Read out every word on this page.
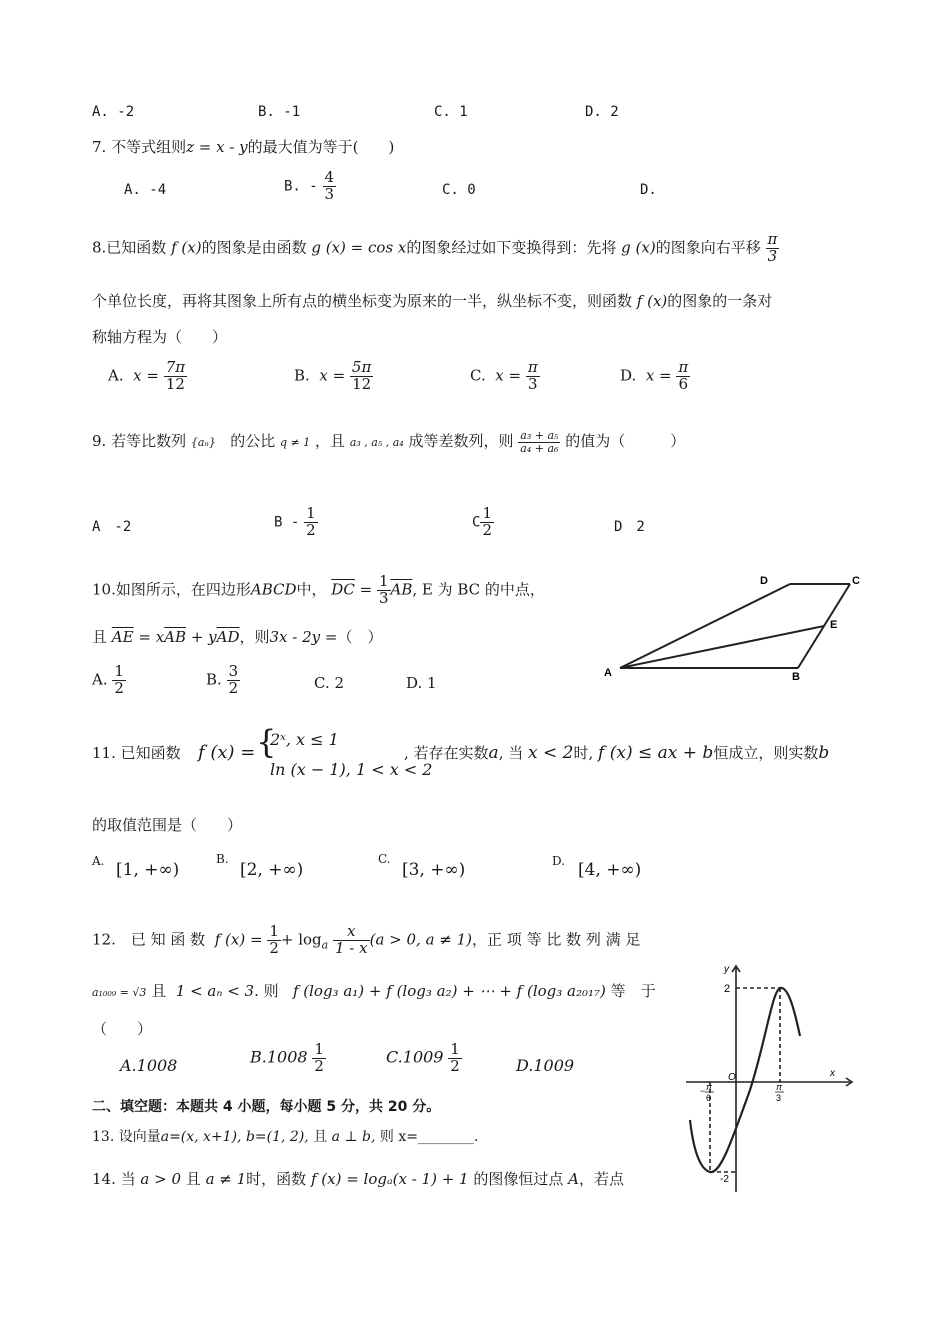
A. -2	B. -1	C. 1	D. 2
7. 不等式组则z = x - y的最大值为等于(　　)
A. -4	B. - $\frac{4}{3}$	C. 0	D.
8.已知函数 f (x)的图象是由函数 g (x) = cos x的图象经过如下变换得到：先将 g (x)的图象向右平移 $\frac{\pi}{3}$
个单位长度，再将其图象上所有点的横坐标变为原来的一半，纵坐标不变，则函数 f (x)的图象的一条对
称轴方程为（　　）
A. $x = \frac{7\pi}{12}$	B. $x = \frac{5\pi}{12}$	C. $x = \frac{\pi}{3}$	D. $x = \frac{\pi}{6}$
9. 若等比数列 {aₙ} 的公比 q ≠ 1 ，且 a₃ , a₅ , a₄ 成等差数列，则 $\frac{\text{a₃ + a₅}}{\text{a₄ + a₆}}$ 的值为（　　　）
A　-2	B - $\frac{1}{2}$	C $\frac{1}{2}$	D　2
10.如图所示，在四边形ABCD中， $\overline{DC} = \frac{1}{3} \overline{AB}$, E 为 BC 的中点，
且 $\overline{AE} = x\overline{AB} + y\overline{AD}$，则3x - 2y =（　）
A. $\frac{1}{2}$	B. $\frac{3}{2}$	C. 2	D. 1
A	B
C
D
E
11. 已知函数 f (x) = {
2ˣ, x ≤ 1
ln (x − 1), 1 < x < 2
, 若存在实数a, 当 x < 2时, f (x) ≤ ax + b恒成立，则实数b
的取值范围是（　　）
A. [1, +∞)
B.
[2, +∞)
C.
[3, +∞)	D. [4, +∞)
12.　已 知 函 数 f $(x) = \frac{1}{2} + \log_a \frac{x}{1 - x} (a > 0$, a ≠ 1)，正 项 等 比 数 列 满 足
a₁₀₀₉ = √3 且 1 < aₙ < 3. 则 f (log₃ a₁) + f (log₃ a₂) + ⋯ + f (log₃ a₂₀₁₇) 等　于
（　　）
A.1008	$B.1008 \frac{1}{2}$	$C.1009 \frac{1}{2}$	D.1009
y
x
2
-2
O
− π
6
π
3
二、填空题：本题共 4 小题，每小题 5 分，共 20 分。
13. 设向量a=(x, x+1), b=(1, 2), 且 a ⊥ b, 则 x=________.
14. 当 a > 0 且 a ≠ 1时，函数 f (x) = logₐ(x - 1) + 1 的图像恒过点 A，若点
